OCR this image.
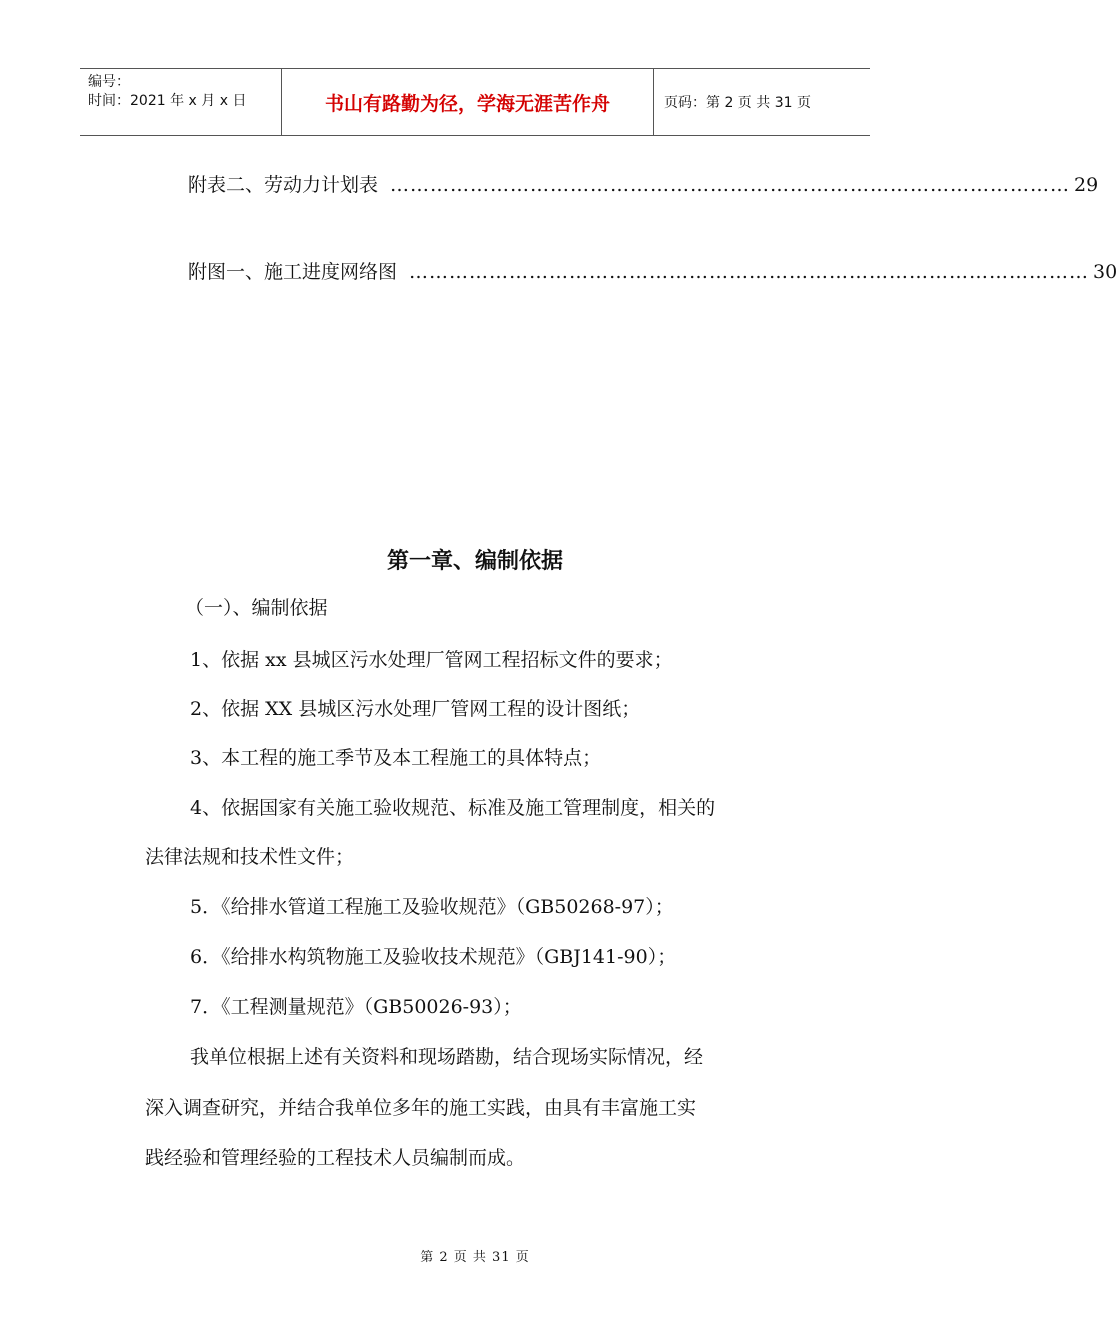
编号：
时间：2021 年 x 月 x 日	书山有路勤为径，学海无涯苦作舟	页码：第 2 页 共 31 页
附表二、劳动力计划表 ………………………………………………………………………………………… 29
附图一、施工进度网络图 ………………………………………………………………………………………… 30
第一章、编制依据
（一）、编制依据
1、依据 xx 县城区污水处理厂管网工程招标文件的要求；
2、依据 XX 县城区污水处理厂管网工程的设计图纸；
3、本工程的施工季节及本工程施工的具体特点；
4、依据国家有关施工验收规范、标准及施工管理制度，相关的
法律法规和技术性文件；
5．《给排水管道工程施工及验收规范》（GB50268-97）；
6．《给排水构筑物施工及验收技术规范》（GBJ141-90）；
7．《工程测量规范》（GB50026-93）；
我单位根据上述有关资料和现场踏勘，结合现场实际情况，经
深入调查研究，并结合我单位多年的施工实践，由具有丰富施工实
践经验和管理经验的工程技术人员编制而成。
第 2 页 共 31 页
